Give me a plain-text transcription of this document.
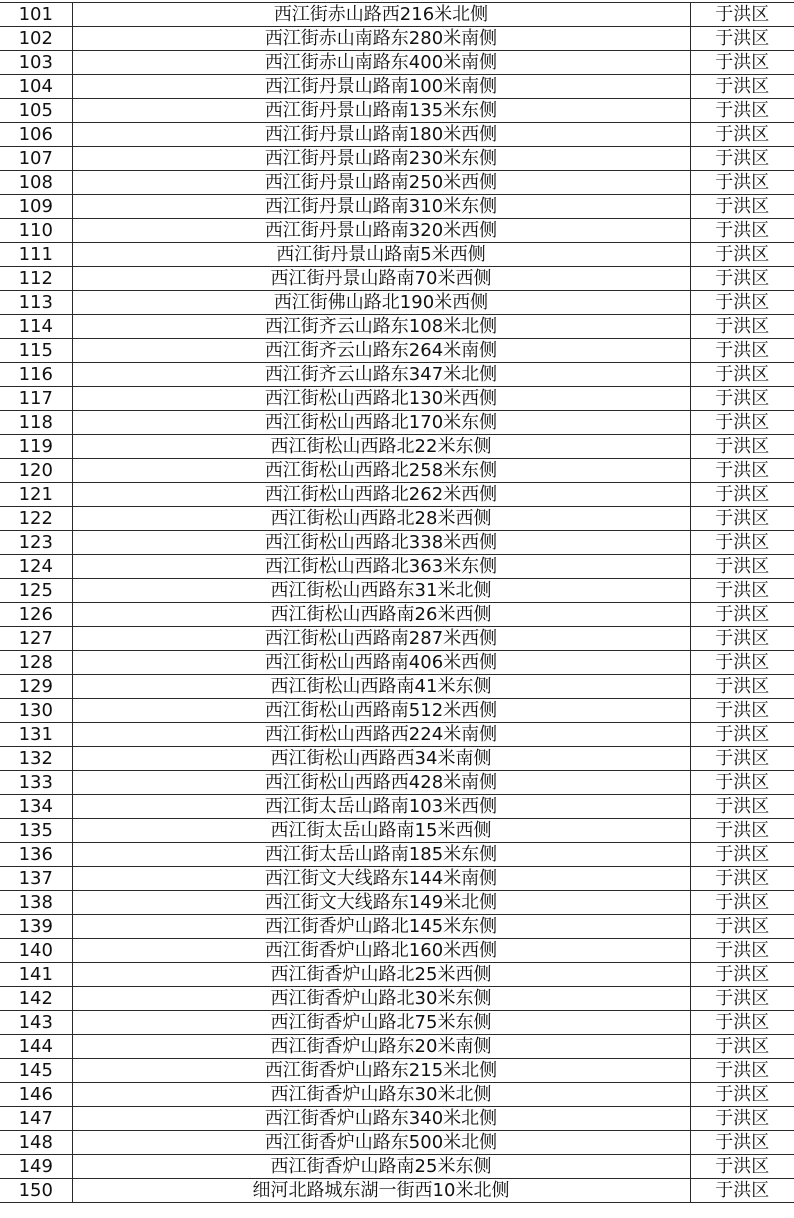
101	西江街赤山路西216米北侧	于洪区
102	西江街赤山南路东280米南侧	于洪区
103	西江街赤山南路东400米南侧	于洪区
104	西江街丹景山路南100米南侧	于洪区
105	西江街丹景山路南135米东侧	于洪区
106	西江街丹景山路南180米西侧	于洪区
107	西江街丹景山路南230米东侧	于洪区
108	西江街丹景山路南250米西侧	于洪区
109	西江街丹景山路南310米东侧	于洪区
110	西江街丹景山路南320米西侧	于洪区
111	西江街丹景山路南5米西侧	于洪区
112	西江街丹景山路南70米西侧	于洪区
113	西江街佛山路北190米西侧	于洪区
114	西江街齐云山路东108米北侧	于洪区
115	西江街齐云山路东264米南侧	于洪区
116	西江街齐云山路东347米北侧	于洪区
117	西江街松山西路北130米西侧	于洪区
118	西江街松山西路北170米东侧	于洪区
119	西江街松山西路北22米东侧	于洪区
120	西江街松山西路北258米东侧	于洪区
121	西江街松山西路北262米西侧	于洪区
122	西江街松山西路北28米西侧	于洪区
123	西江街松山西路北338米西侧	于洪区
124	西江街松山西路北363米东侧	于洪区
125	西江街松山西路东31米北侧	于洪区
126	西江街松山西路南26米西侧	于洪区
127	西江街松山西路南287米西侧	于洪区
128	西江街松山西路南406米西侧	于洪区
129	西江街松山西路南41米东侧	于洪区
130	西江街松山西路南512米西侧	于洪区
131	西江街松山西路西224米南侧	于洪区
132	西江街松山西路西34米南侧	于洪区
133	西江街松山西路西428米南侧	于洪区
134	西江街太岳山路南103米西侧	于洪区
135	西江街太岳山路南15米西侧	于洪区
136	西江街太岳山路南185米东侧	于洪区
137	西江街文大线路东144米南侧	于洪区
138	西江街文大线路东149米北侧	于洪区
139	西江街香炉山路北145米东侧	于洪区
140	西江街香炉山路北160米西侧	于洪区
141	西江街香炉山路北25米西侧	于洪区
142	西江街香炉山路北30米东侧	于洪区
143	西江街香炉山路北75米东侧	于洪区
144	西江街香炉山路东20米南侧	于洪区
145	西江街香炉山路东215米北侧	于洪区
146	西江街香炉山路东30米北侧	于洪区
147	西江街香炉山路东340米北侧	于洪区
148	西江街香炉山路东500米北侧	于洪区
149	西江街香炉山路南25米东侧	于洪区
150	细河北路城东湖一街西10米北侧	于洪区
